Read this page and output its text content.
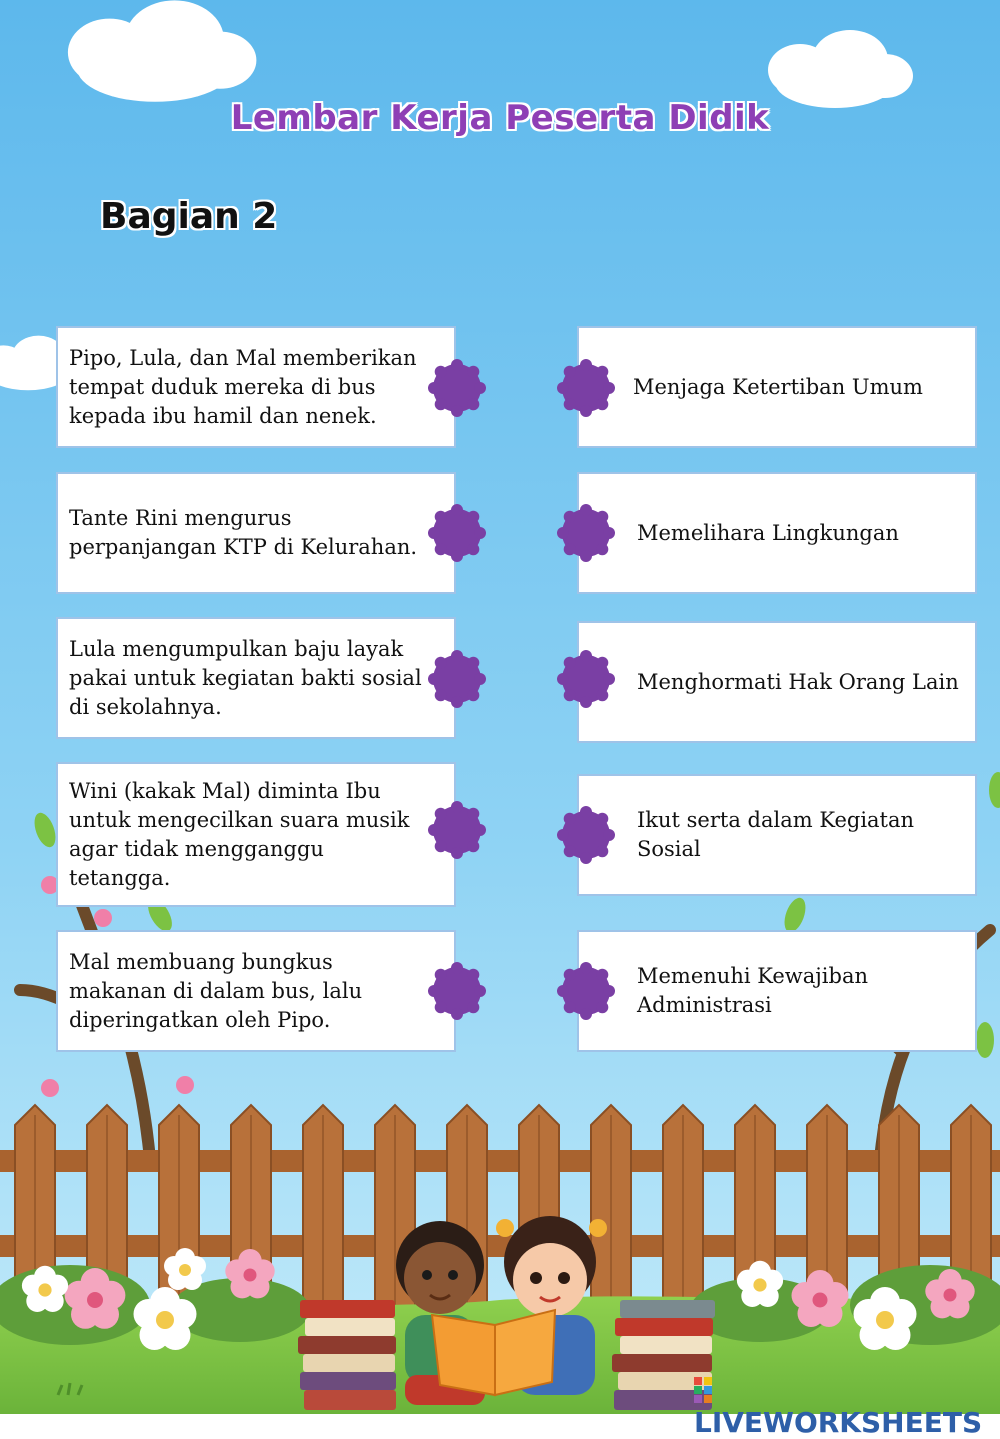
Lembar Kerja Peserta Didik
Bagian 2
Pipo, Lula, dan Mal memberikan tempat duduk mereka di bus kepada ibu hamil dan nenek.
Tante Rini mengurus perpanjangan KTP di Kelurahan.
Lula mengumpulkan baju layak pakai untuk kegiatan bakti sosial di sekolahnya.
Wini (kakak Mal) diminta Ibu untuk mengecilkan suara musik agar tidak mengganggu tetangga.
Mal membuang bungkus makanan di dalam bus, lalu diperingatkan oleh Pipo.
Menjaga Ketertiban Umum
Memelihara Lingkungan
Menghormati Hak Orang Lain
Ikut serta dalam Kegiatan Sosial
Memenuhi Kewajiban Administrasi
LIVEWORKSHEETS
